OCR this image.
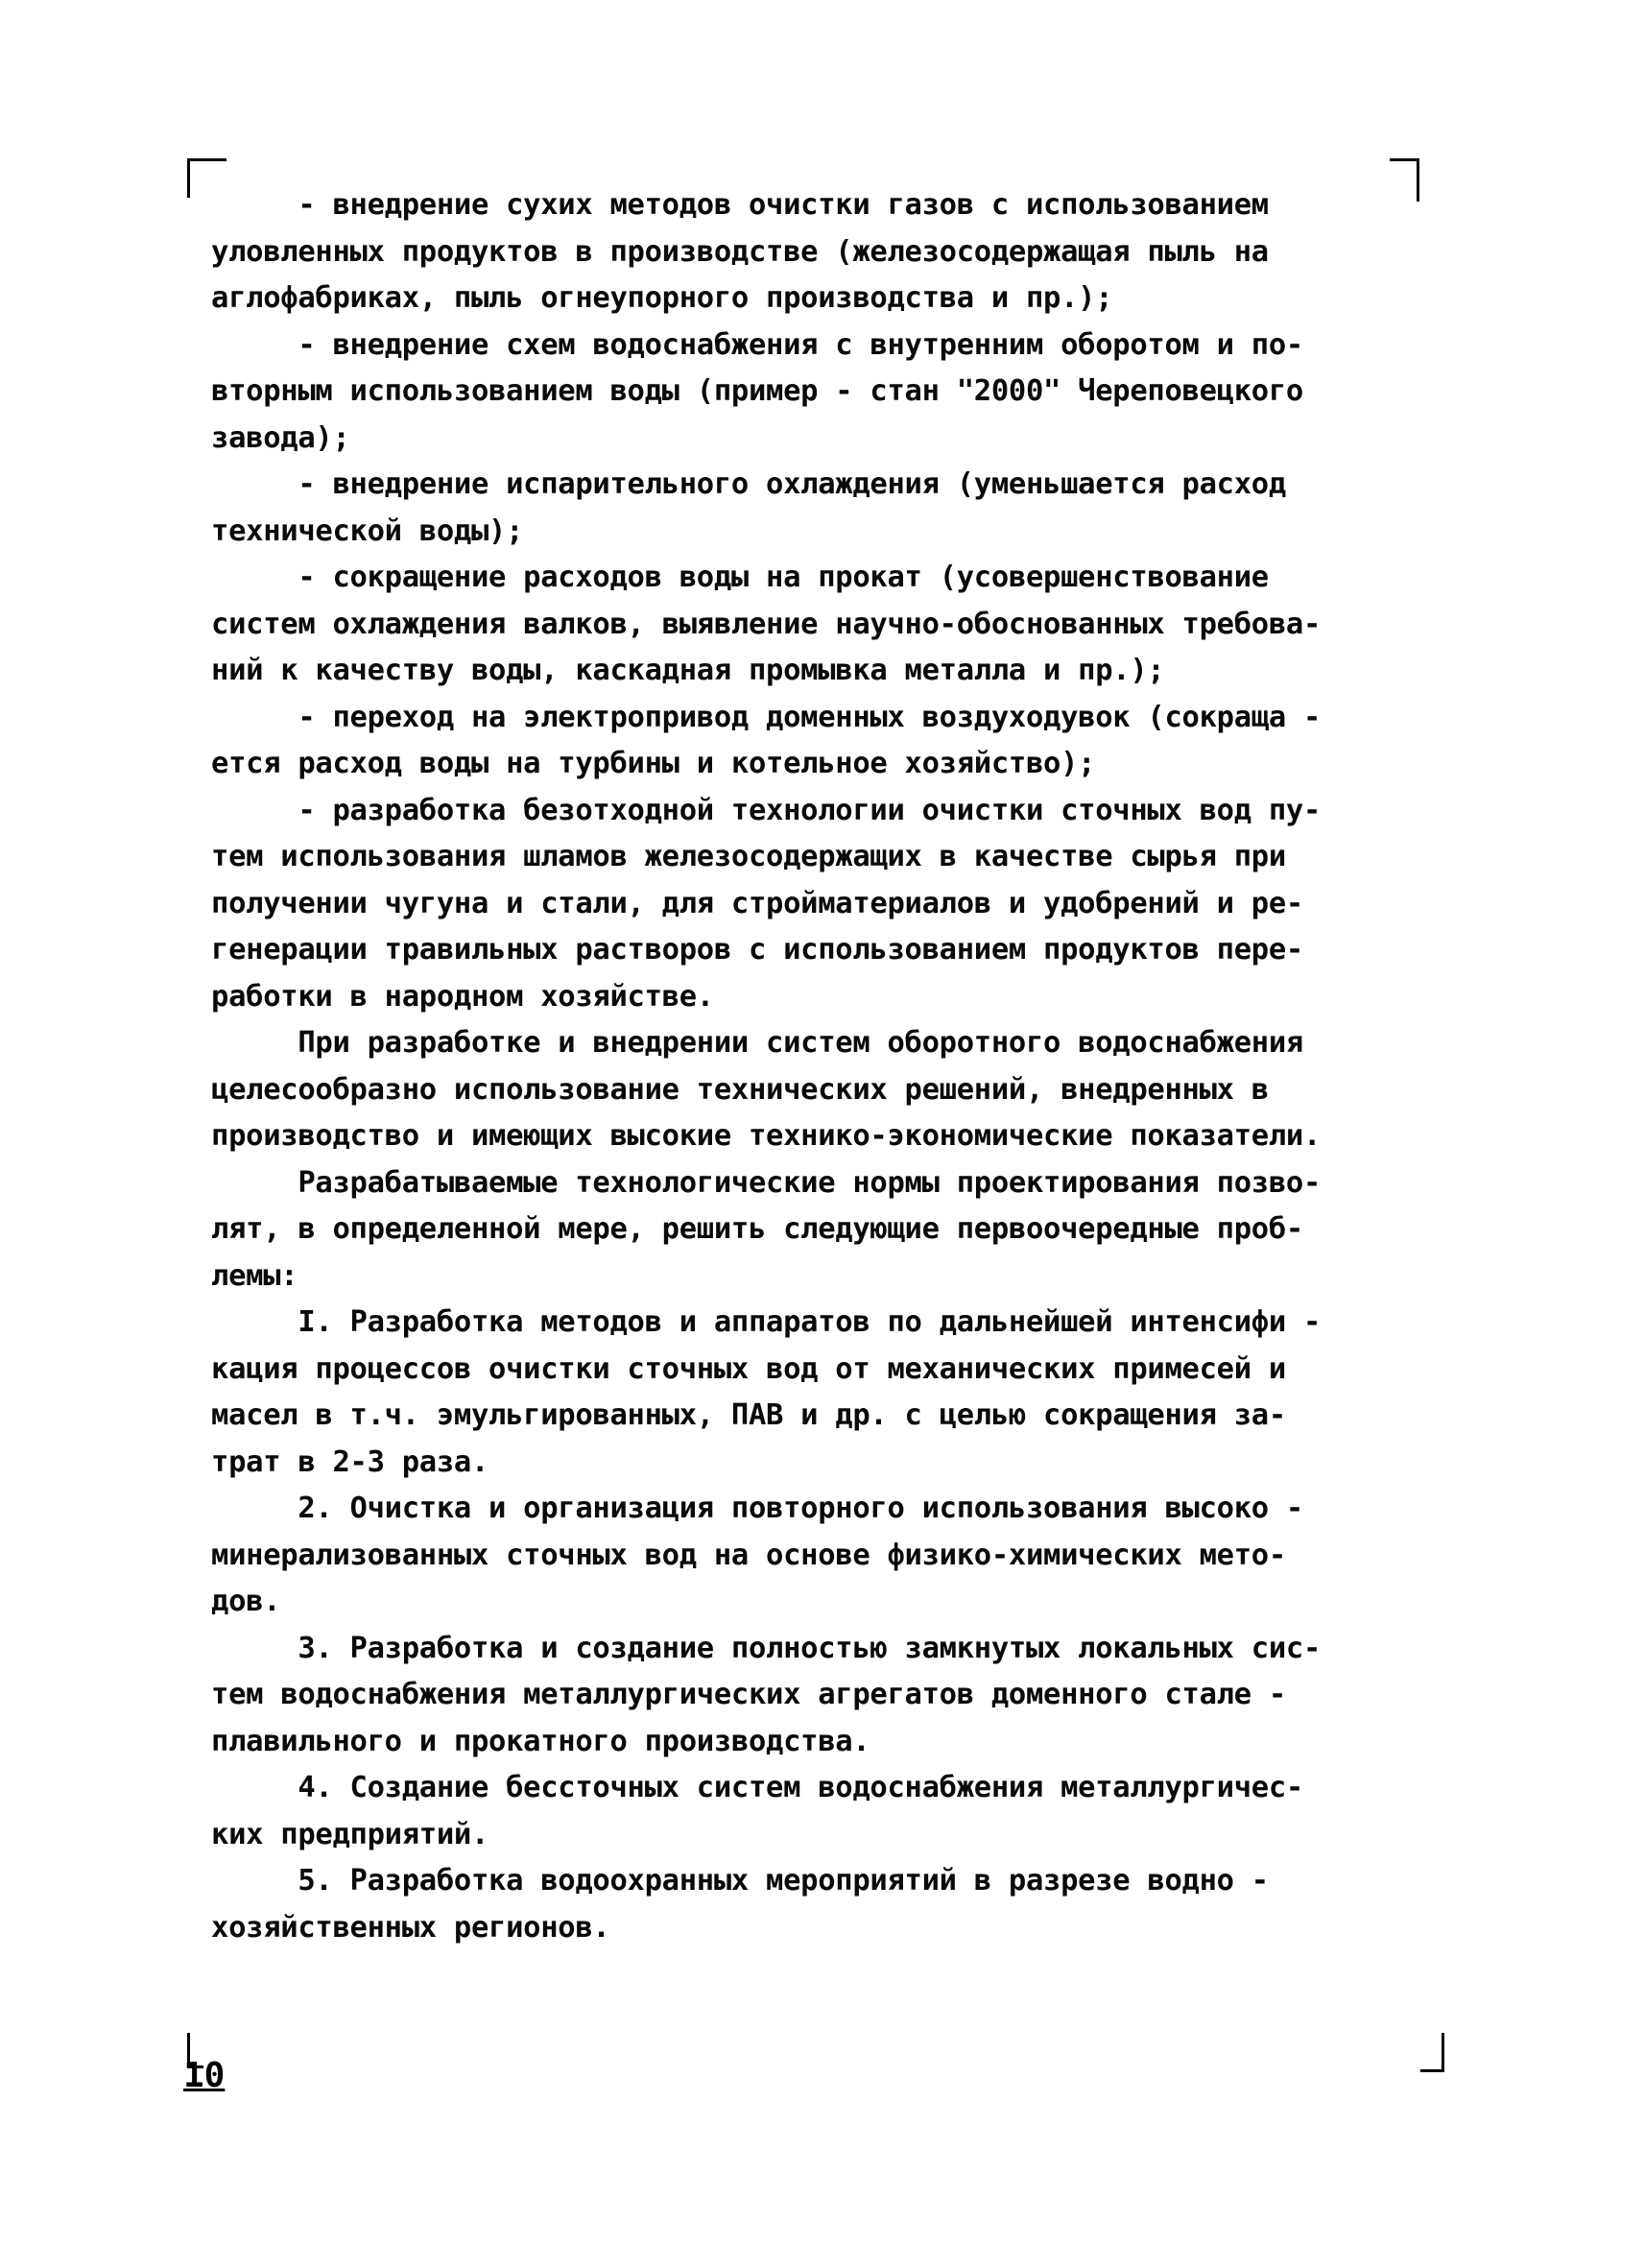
- внедрение сухих методов очистки газов с использованием
уловленных продуктов в производстве (железосодержащая пыль на
аглофабриках, пыль огнеупорного производства и пр.);
- внедрение схем водоснабжения с внутренним оборотом и по-
вторным использованием воды (пример - стан "2000" Череповецкого
завода);
- внедрение испарительного охлаждения (уменьшается расход
технической воды);
- сокращение расходов воды на прокат (усовершенствование
систем охлаждения валков, выявление научно-обоснованных требова-
ний к качеству воды, каскадная промывка металла и пр.);
- переход на электропривод доменных воздуходувок (сокраща -
ется расход воды на турбины и котельное хозяйство);
- разработка безотходной технологии очистки сточных вод пу-
тем использования шламов железосодержащих в качестве сырья при
получении чугуна и стали, для стройматериалов и удобрений и ре-
генерации травильных растворов с использованием продуктов пере-
работки в народном хозяйстве.
При разработке и внедрении систем оборотного водоснабжения
целесообразно использование технических решений, внедренных в
производство и имеющих высокие технико-экономические показатели.
Разрабатываемые технологические нормы проектирования позво-
лят, в определенной мере, решить следующие первоочередные проб-
лемы:
I. Разработка методов и аппаратов по дальнейшей интенсифи -
кация процессов очистки сточных вод от механических примесей и
масел в т.ч. эмульгированных, ПАВ и др. с целью сокращения за-
трат в 2-3 раза.
2. Очистка и организация повторного использования высоко -
минерализованных сточных вод на основе физико-химических мето-
дов.
3. Разработка и создание полностью замкнутых локальных сис-
тем водоснабжения металлургических агрегатов доменного стале -
плавильного и прокатного производства.
4. Создание бессточных систем водоснабжения металлургичес-
ких предприятий.
5. Разработка водоохранных мероприятий в разрезе водно -
хозяйственных регионов.
10
